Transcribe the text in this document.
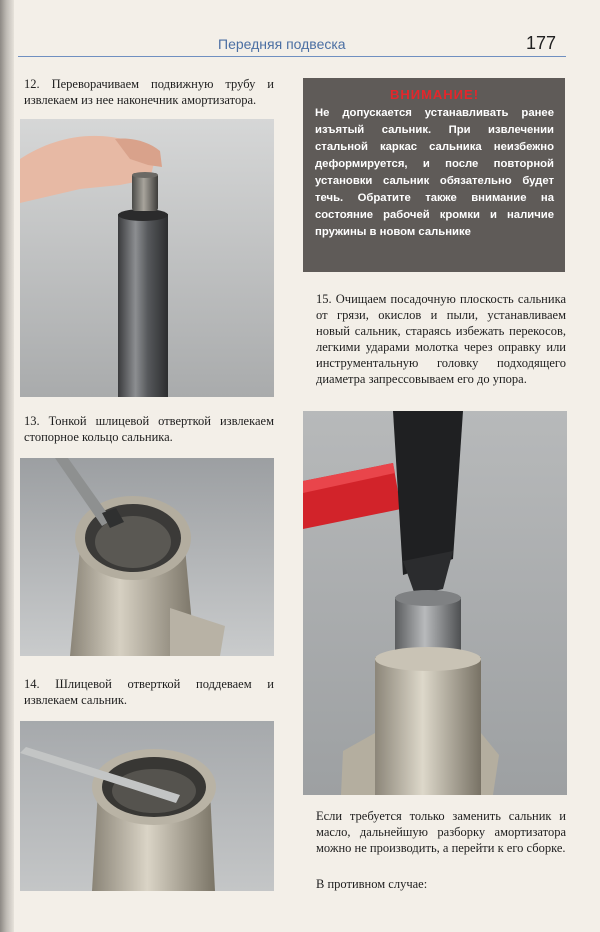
Передняя подвеска	177

12. Переворачиваем подвижную трубу и извлекаем из нее наконечник амортизатора.

13. Тонкой шлицевой отверткой извлекаем стопорное кольцо сальника.

14. Шлицевой отверткой поддеваем и извлекаем сальник.

ВНИМАНИЕ!
Не допускается устанавливать ранее изъятый сальник. При извлечении стальной каркас сальника неизбежно деформируется, и после повторной установки сальник обязательно будет течь. Обратите также внимание на состояние рабочей кромки и наличие пружины в новом сальнике

15. Очищаем посадочную плоскость сальника от грязи, окислов и пыли, устанавливаем новый сальник, стараясь избежать перекосов, легкими ударами молотка через оправку или инструментальную головку подходящего диаметра запрессовываем его до упора.

Если требуется только заменить сальник и масло, дальнейшую разборку амортизатора можно не производить, а перейти к его сборке.

В противном случае:
